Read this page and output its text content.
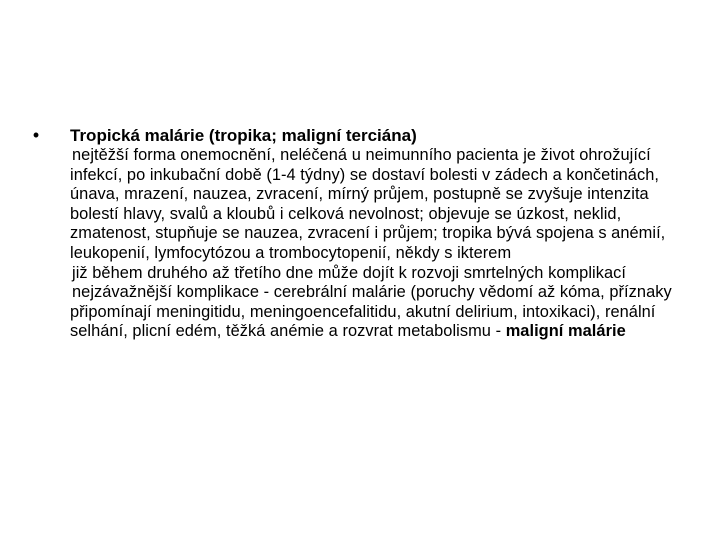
• Tropická malárie (tropika; maligní terciána)
nejtěžší forma onemocnění, neléčená u neimunního pacienta je život ohrožující infekcí, po inkubační době (1-4 týdny) se dostaví bolesti v zádech a končetinách, únava, mrazení, nauzea, zvracení, mírný průjem, postupně se zvyšuje intenzita bolestí hlavy, svalů a kloubů i celková nevolnost; objevuje se úzkost, neklid, zmatenost, stupňuje se nauzea, zvracení i průjem; tropika bývá spojena s anémií, leukopenií, lymfocytózou a trombocytopenií, někdy s ikterem
již během druhého až třetího dne může dojít k rozvoji smrtelných komplikací
nejzávažnější komplikace - cerebrální malárie (poruchy vědomí až kóma, příznaky připomínají meningitidu, meningoencefalitidu, akutní delirium, intoxikaci), renální selhání, plicní edém, těžká anémie a rozvrat metabolismu - maligní malárie
